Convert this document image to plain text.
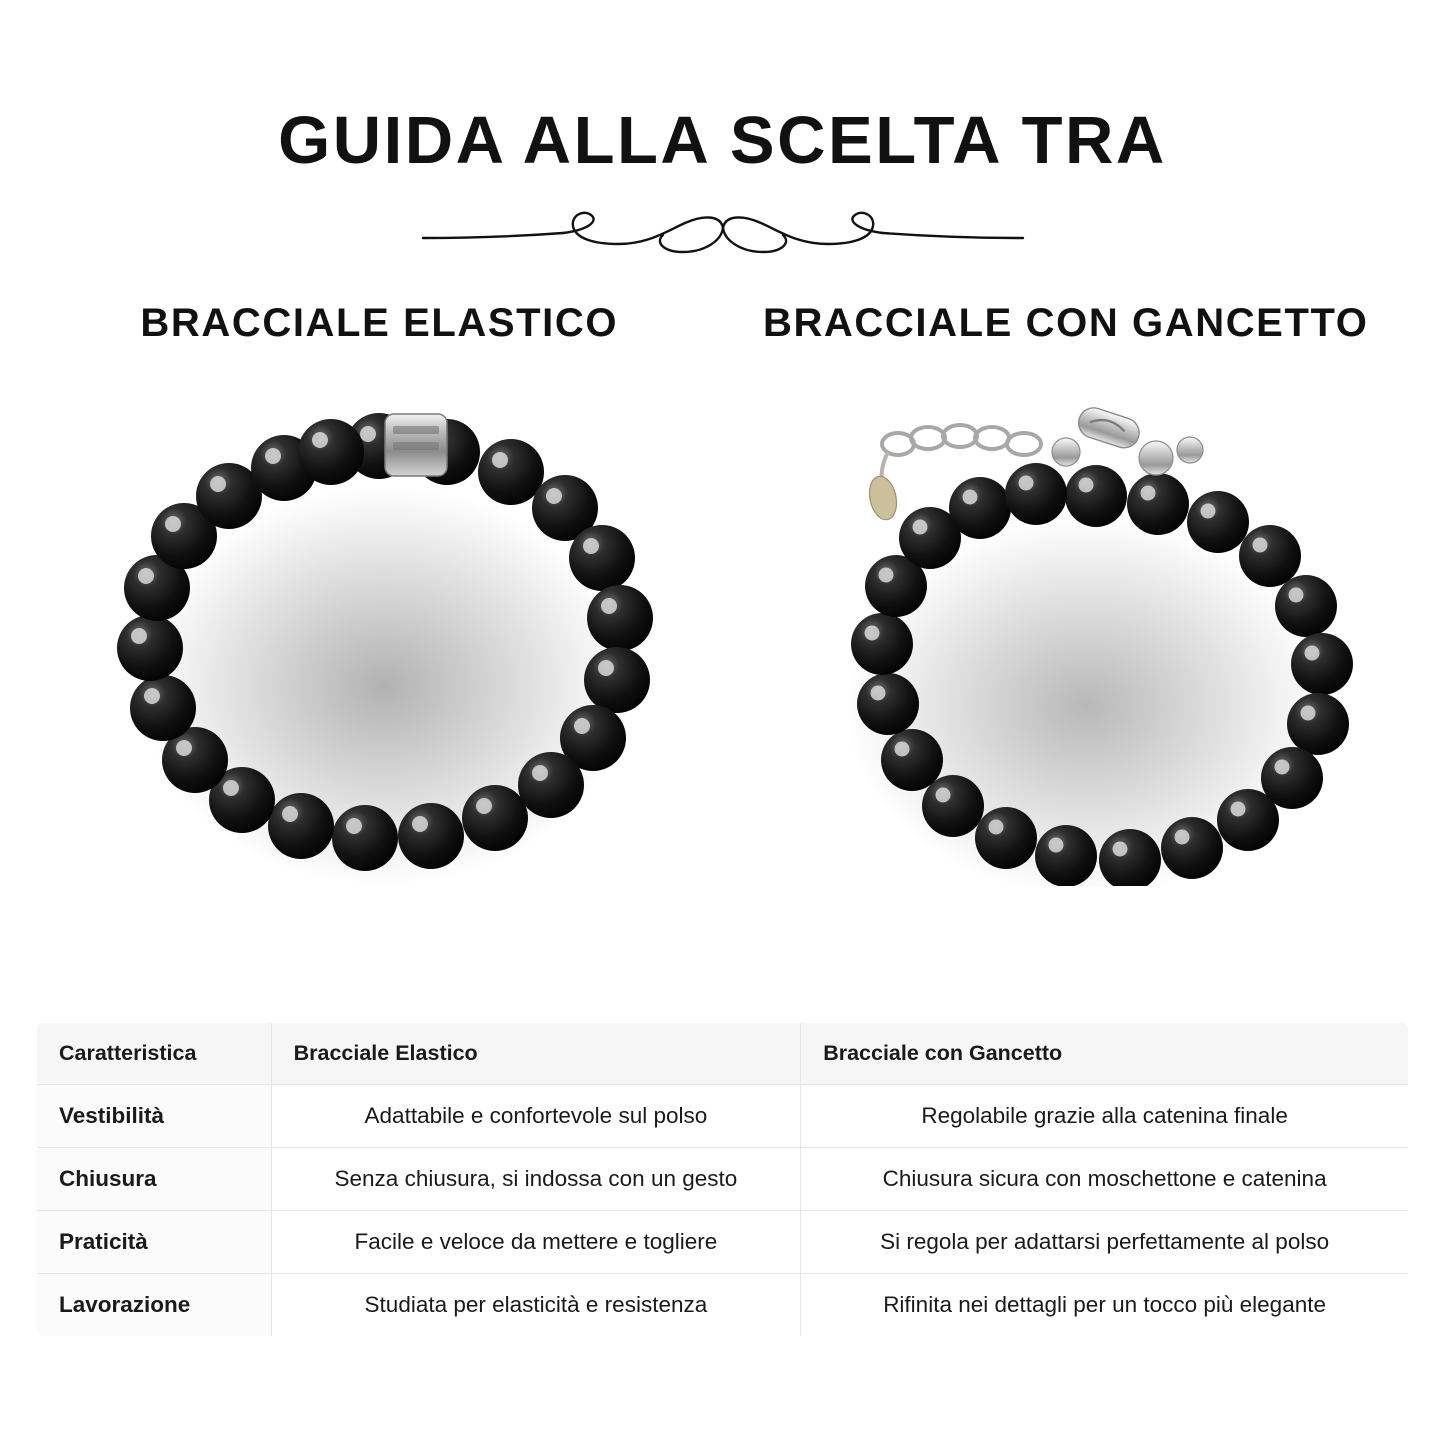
GUIDA ALLA SCELTA TRA
BRACCIALE ELASTICO	BRACCIALE CON GANCETTO
Caratteristica	Bracciale Elastico	Bracciale con Gancetto
Vestibilità	Adattabile e confortevole sul polso	Regolabile grazie alla catenina finale
Chiusura	Senza chiusura, si indossa con un gesto	Chiusura sicura con moschettone e catenina
Praticità	Facile e veloce da mettere e togliere	Si regola per adattarsi perfettamente al polso
Lavorazione	Studiata per elasticità e resistenza	Rifinita nei dettagli per un tocco più elegante
